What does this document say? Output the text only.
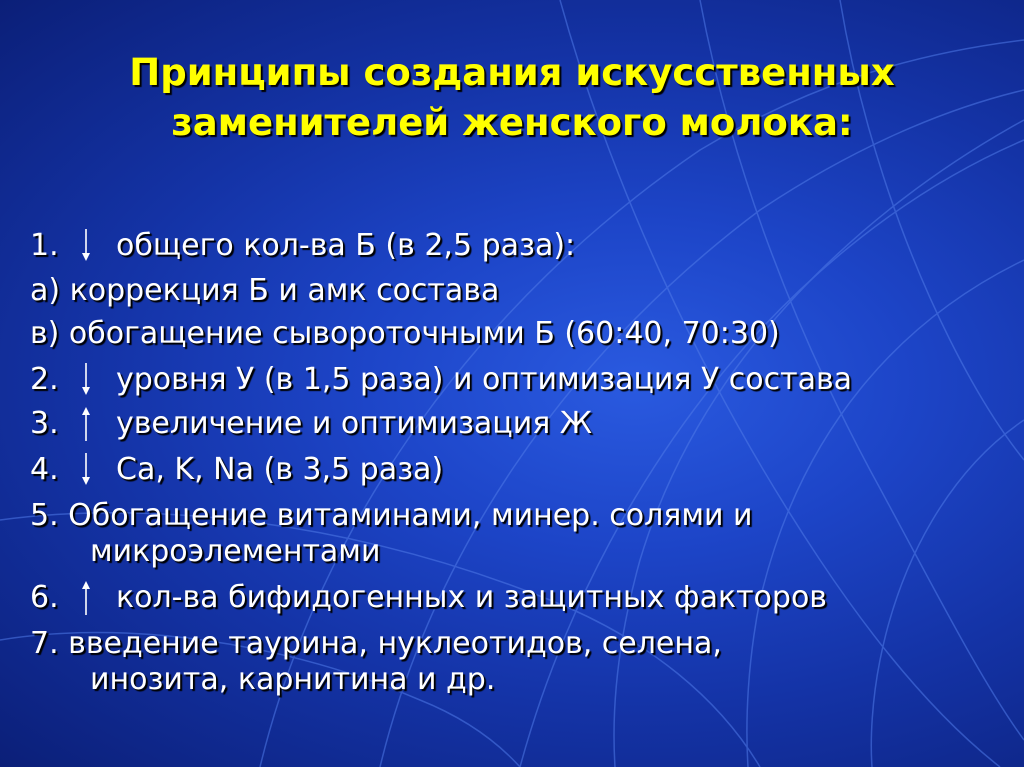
Принципы создания искусственных
заменителей женского молока:
1. общего кол-ва Б (в 2,5 раза):
а) коррекция Б и амк состава
в) обогащение сывороточными Б (60:40, 70:30)
2. уровня У (в 1,5 раза) и оптимизация У состава
3. увеличение и оптимизация Ж
4. Ca, K, Na (в 3,5 раза)
5. Обогащение витаминами, минер. солями и
микроэлементами
6. кол-ва бифидогенных и защитных факторов
7. введение таурина, нуклеотидов, селена,
инозита, карнитина и др.
